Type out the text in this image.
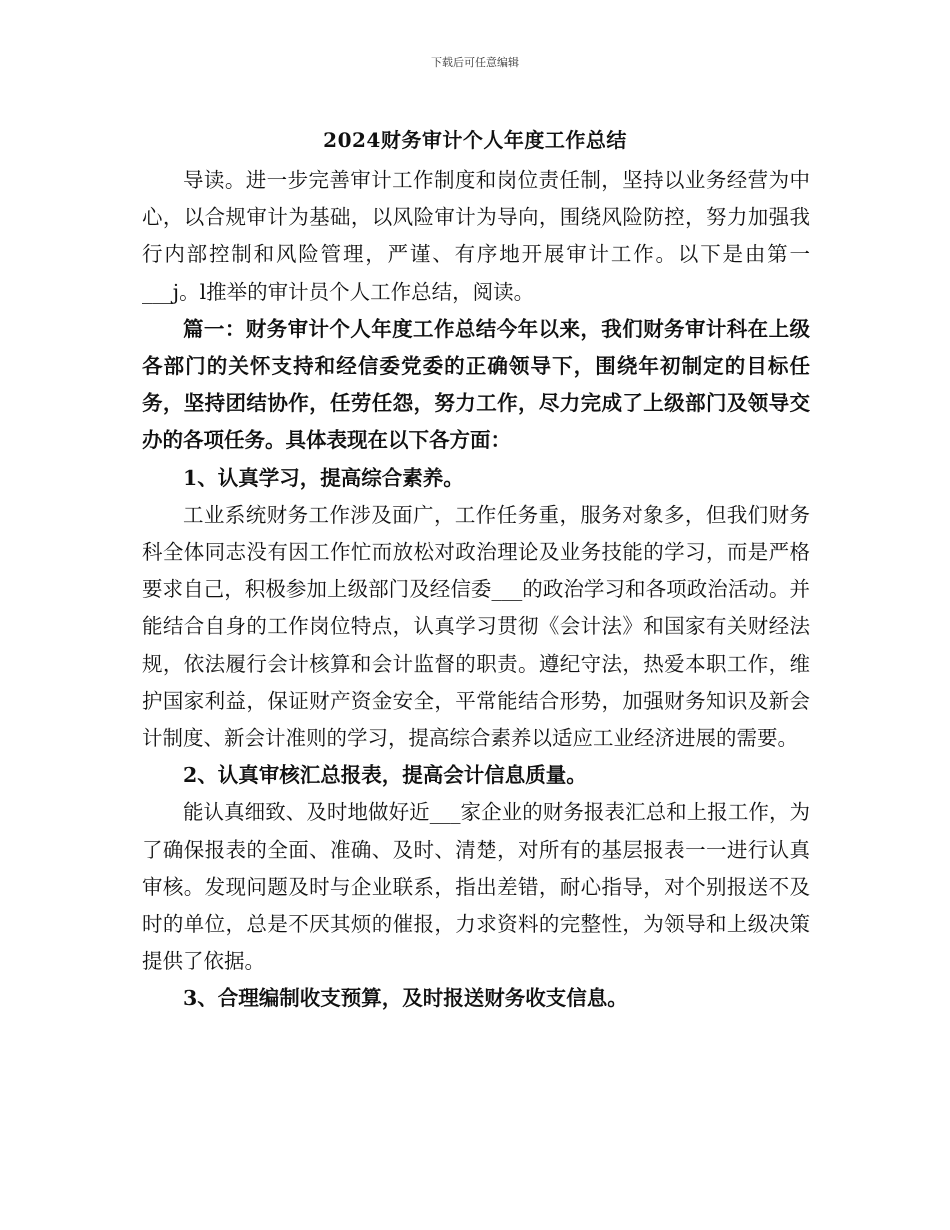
下载后可任意编辑
2024财务审计个人年度工作总结

导读。进一步完善审计工作制度和岗位责任制，坚持以业务经营为中心，以合规审计为基础，以风险审计为导向，围绕风险防控，努力加强我行内部控制和风险管理，严谨、有序地开展审计工作。以下是由第一___j。l推举的审计员个人工作总结，阅读。

篇一：财务审计个人年度工作总结今年以来，我们财务审计科在上级各部门的关怀支持和经信委党委的正确领导下，围绕年初制定的目标任务，坚持团结协作，任劳任怨，努力工作，尽力完成了上级部门及领导交办的各项任务。具体表现在以下各方面：

1、认真学习，提高综合素养。

工业系统财务工作涉及面广，工作任务重，服务对象多，但我们财务科全体同志没有因工作忙而放松对政治理论及业务技能的学习，而是严格要求自己，积极参加上级部门及经信委___的政治学习和各项政治活动。并能结合自身的工作岗位特点，认真学习贯彻《会计法》和国家有关财经法规，依法履行会计核算和会计监督的职责。遵纪守法，热爱本职工作，维护国家利益，保证财产资金安全，平常能结合形势，加强财务知识及新会计制度、新会计准则的学习，提高综合素养以适应工业经济进展的需要。

2、认真审核汇总报表，提高会计信息质量。

能认真细致、及时地做好近___家企业的财务报表汇总和上报工作，为了确保报表的全面、准确、及时、清楚，对所有的基层报表一一进行认真审核。发现问题及时与企业联系，指出差错，耐心指导，对个别报送不及时的单位，总是不厌其烦的催报，力求资料的完整性，为领导和上级决策提供了依据。

3、合理编制收支预算，及时报送财务收支信息。
